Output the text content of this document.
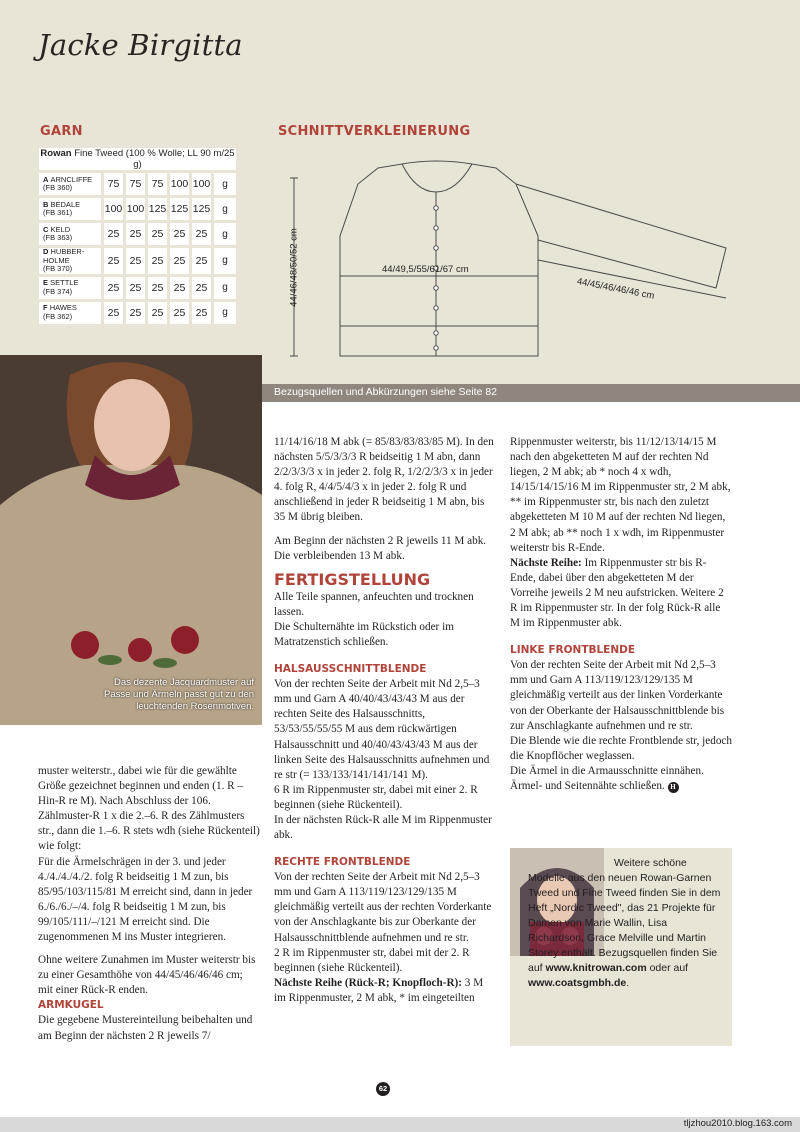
Jacke Birgitta
GARN
Rowan Fine Tweed (100 % Wolle; LL 90 m/25 g)						
A ARNCLIFFE
(FB 360)	75	75	75	100	100	g
B BEDALE
(FB 361)	100	100	125	125	125	g
C KELD
(FB 363)	25	25	25	25	25	g
D HUBBER-HOLME
(FB 370)	25	25	25	25	25	g
E SETTLE
(FB 374)	25	25	25	25	25	g
F HAWES
(FB 362)	25	25	25	25	25	g
SCHNITTVERKLEINERUNG
44/49,5/55/61/67 cm
44/45/46/46/46 cm
44/46/48/50/52 cm
Bezugsquellen und Abkürzungen siehe Seite 82
Das dezente Jacquardmuster auf Passe und Ärmeln passt gut zu den leuchtenden Rosenmotiven.

muster weiterstr., dabei wie für die gewählte Größe gezeichnet beginnen und enden (1. R – Hin-R re M). Nach Abschluss der 106. Zählmuster-R 1 x die 2.–6. R des Zählmusters str., dann die 1.–6. R stets wdh (siehe Rückenteil) wie folgt:

Für die Ärmelschrägen in der 3. und jeder 4./4./4./4./2. folg R beidseitig 1 M zun, bis 85/95/103/115/81 M erreicht sind, dann in jeder 6./6./6./–/4. folg R beidseitig 1 M zun, bis 99/105/111/–/121 M erreicht sind. Die zugenommenen M ins Muster integrieren.

Ohne weitere Zunahmen im Muster weiterstr bis zu einer Gesamthöhe von 44/45/46/46/46 cm; mit einer Rück-R enden.

ARMKUGEL

Die gegebene Mustereinteilung beibehalten und am Beginn der nächsten 2 R jeweils 7/

11/14/16/18 M abk (= 85/83/83/83/85 M). In den nächsten 5/5/3/3/3 R beidseitig 1 M abn, dann 2/2/3/3/3 x in jeder 2. folg R, 1/2/2/3/3 x in jeder 4. folg R, 4/4/5/4/3 x in jeder 2. folg R und anschließend in jeder R beidseitig 1 M abn, bis 35 M übrig bleiben.

Am Beginn der nächsten 2 R jeweils 11 M abk. Die verbleibenden 13 M abk.

FERTIGSTELLUNG

Alle Teile spannen, anfeuchten und trocknen lassen.

Die Schulternähte im Rückstich oder im Matratzenstich schließen.

HALSAUSSCHNITTBLENDE

Von der rechten Seite der Arbeit mit Nd 2,5–3 mm und Garn A 40/40/43/43/43 M aus der rechten Seite des Halsausschnitts, 53/53/55/55/55 M aus dem rückwärtigen Halsausschnitt und 40/40/43/43/43 M aus der linken Seite des Halsausschnitts aufnehmen und re str (= 133/133/141/141/141 M).

6 R im Rippenmuster str, dabei mit einer 2. R beginnen (siehe Rückenteil).

In der nächsten Rück-R alle M im Rippenmuster abk.

RECHTE FRONTBLENDE

Von der rechten Seite der Arbeit mit Nd 2,5–3 mm und Garn A 113/119/123/129/135 M gleichmäßig verteilt aus der rechten Vorderkante von der Anschlagkante bis zur Oberkante der Halsausschnittblende aufnehmen und re str.

2 R im Rippenmuster str, dabei mit der 2. R beginnen (siehe Rückenteil).

Nächste Reihe (Rück-R; Knopfloch-R): 3 M im Rippenmuster, 2 M abk, * im eingeteilten

Rippenmuster weiterstr, bis 11/12/13/14/15 M nach den abgeketteten M auf der rechten Nd liegen, 2 M abk; ab * noch 4 x wdh, 14/15/14/15/16 M im Rippenmuster str, 2 M abk, ** im Rippenmuster str, bis nach den zuletzt abgeketteten M 10 M auf der rechten Nd liegen, 2 M abk; ab ** noch 1 x wdh, im Rippenmuster weiterstr bis R-Ende.

Nächste Reihe: Im Rippenmuster str bis R-Ende, dabei über den abgeketteten M der Vorreihe jeweils 2 M neu aufstricken. Weitere 2 R im Rippenmuster str. In der folg Rück-R alle M im Rippenmuster abk.

LINKE FRONTBLENDE

Von der rechten Seite der Arbeit mit Nd 2,5–3 mm und Garn A 113/119/123/129/135 M gleichmäßig verteilt aus der linken Vorderkante von der Oberkante der Halsausschnittblende bis zur Anschlagkante aufnehmen und re str.

Die Blende wie die rechte Frontblende str, jedoch die Knopflöcher weglassen.

Die Ärmel in die Armausschnitte einnähen. Ärmel- und Seitennähte schließen. H

Weitere schöne Modelle aus den neuen Rowan-Garnen Tweed und Fine Tweed finden Sie in dem Heft „Nordic Tweed", das 21 Projekte für Damen von Marie Wallin, Lisa Richardson, Grace Melville und Martin Storey enthält. Bezugsquellen finden Sie auf www.knitrowan.com oder auf www.coatsgmbh.de.
62
tljzhou2010.blog.163.com
